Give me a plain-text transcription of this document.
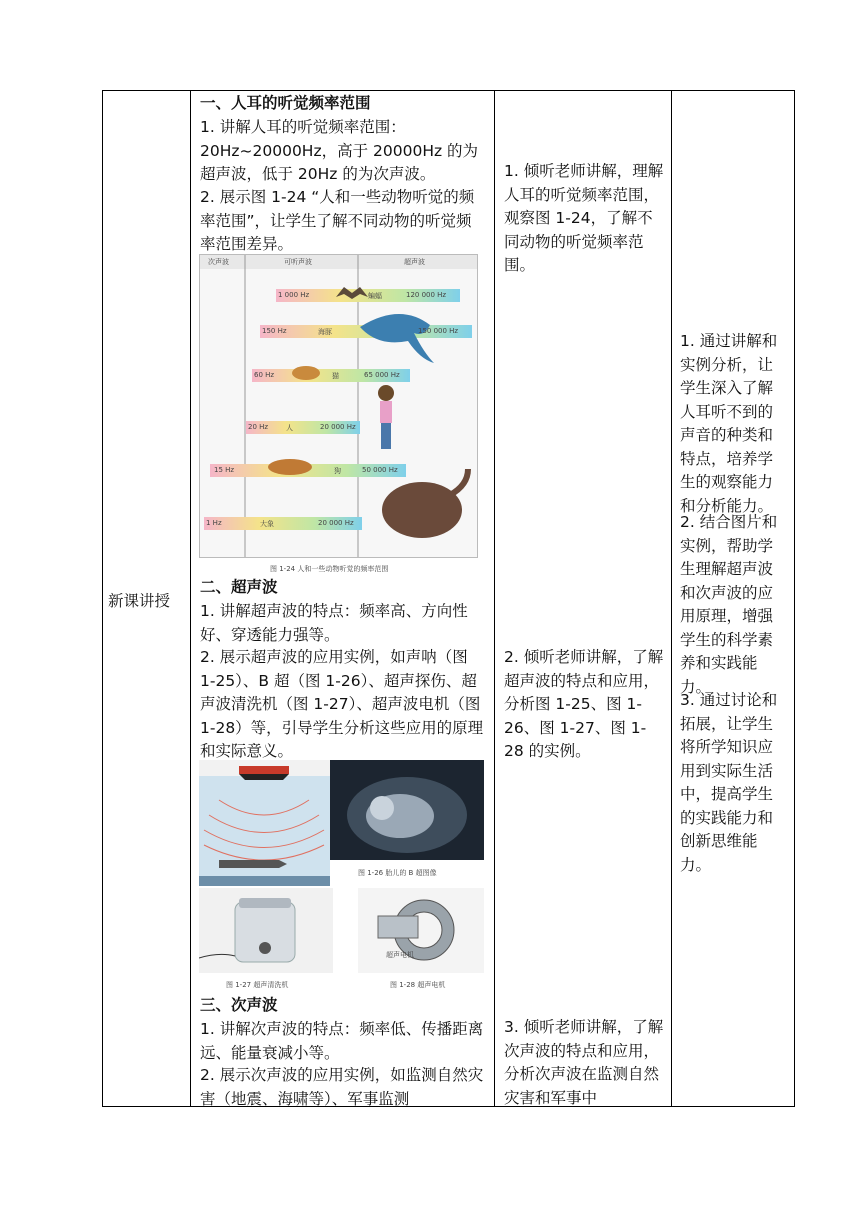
新课讲授
一、人耳的听觉频率范围
1. 讲解人耳的听觉频率范围：20Hz~20000Hz，高于 20000Hz 的为超声波，低于 20Hz 的为次声波。
2. 展示图 1-24 “人和一些动物听觉的频率范围”，让学生了解不同动物的听觉频率范围差异。
次声波	可听声波	超声波
1 000 Hz	蝙蝠	120 000 Hz
150 Hz	海豚	150 000 Hz
60 Hz	猫	65 000 Hz
20 Hz	人	20 000 Hz
15 Hz	狗	50 000 Hz
1 Hz	大象	20 000 Hz
图 1-24 人和一些动物听觉的频率范围
二、超声波
1. 讲解超声波的特点：频率高、方向性好、穿透能力强等。
2. 展示超声波的应用实例，如声呐（图 1-25）、B 超（图 1-26）、超声探伤、超声波清洗机（图 1-27）、超声波电机（图 1-28）等，引导学生分析这些应用的原理和实际意义。
图 1-26 胎儿的 B 超图像
图 1-27 超声清洗机
超声电机
图 1-28 超声电机
三、次声波
1. 讲解次声波的特点：频率低、传播距离远、能量衰减小等。
2. 展示次声波的应用实例，如监测自然灾害（地震、海啸等）、军事监测
1. 倾听老师讲解，理解人耳的听觉频率范围，观察图 1-24，了解不同动物的听觉频率范围。
2. 倾听老师讲解，了解超声波的特点和应用，分析图 1-25、图 1-26、图 1-27、图 1-28 的实例。
3. 倾听老师讲解，了解次声波的特点和应用，分析次声波在监测自然灾害和军事中
1. 通过讲解和实例分析，让学生深入了解人耳听不到的声音的种类和特点，培养学生的观察能力和分析能力。
2. 结合图片和实例，帮助学生理解超声波和次声波的应用原理，增强学生的科学素养和实践能力。
3. 通过讨论和拓展，让学生将所学知识应用到实际生活中，提高学生的实践能力和创新思维能力。
